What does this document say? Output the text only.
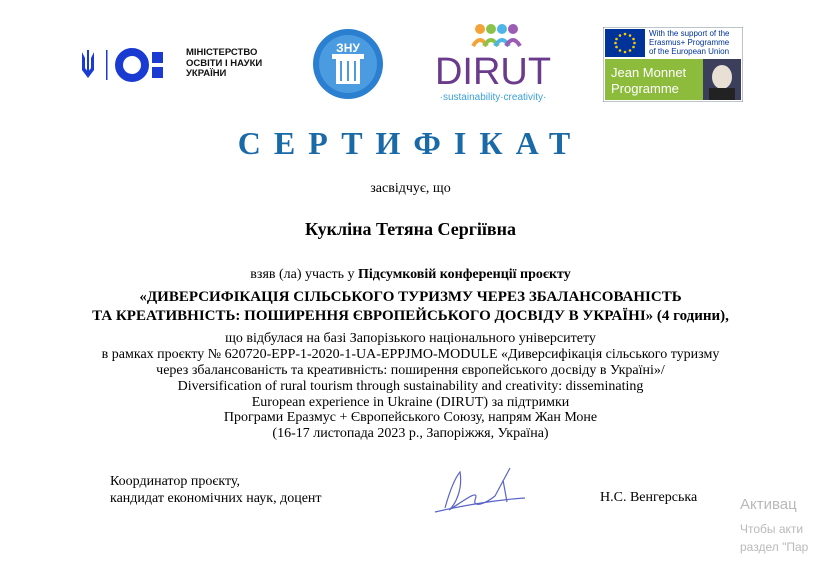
МІНІСТЕРСТВО
ОСВІТИ І НАУКИ
УКРАЇНИ
ЗНУ
DIRUT
·sustainability·creativity·
With the support of the
Erasmus+ Programme
of the European Union
Jean Monnet
Programme
СЕРТИФІКАТ
засвідчує, що
Кукліна Тетяна Сергіївна
взяв (ла) участь у Підсумковій конференції проєкту
«ДИВЕРСИФІКАЦІЯ СІЛЬСЬКОГО ТУРИЗМУ ЧЕРЕЗ ЗБАЛАНСОВАНІСТЬ
ТА КРЕАТИВНІСТЬ: ПОШИРЕННЯ ЄВРОПЕЙСЬКОГО ДОСВІДУ В УКРАЇНІ» (4 години),
що відбулася на базі Запорізького національного університету
в рамках проєкту № 620720-EPP-1-2020-1-UA-EPPJMO-MODULE «Диверсифікація сільського туризму
через збалансованість та креативність: поширення європейського досвіду в Україні»/
Diversification of rural tourism through sustainability and creativity: disseminating
European experience in Ukraine (DIRUT) за підтримки
Програми Еразмус + Європейського Союзу, напрям Жан Моне
(16-17 листопада 2023 р., Запоріжжя, Україна)
Координатор проєкту,
кандидат економічних наук, доцент	Н.С. Венгерська	Активац
Чтобы акти
раздел "Пар
